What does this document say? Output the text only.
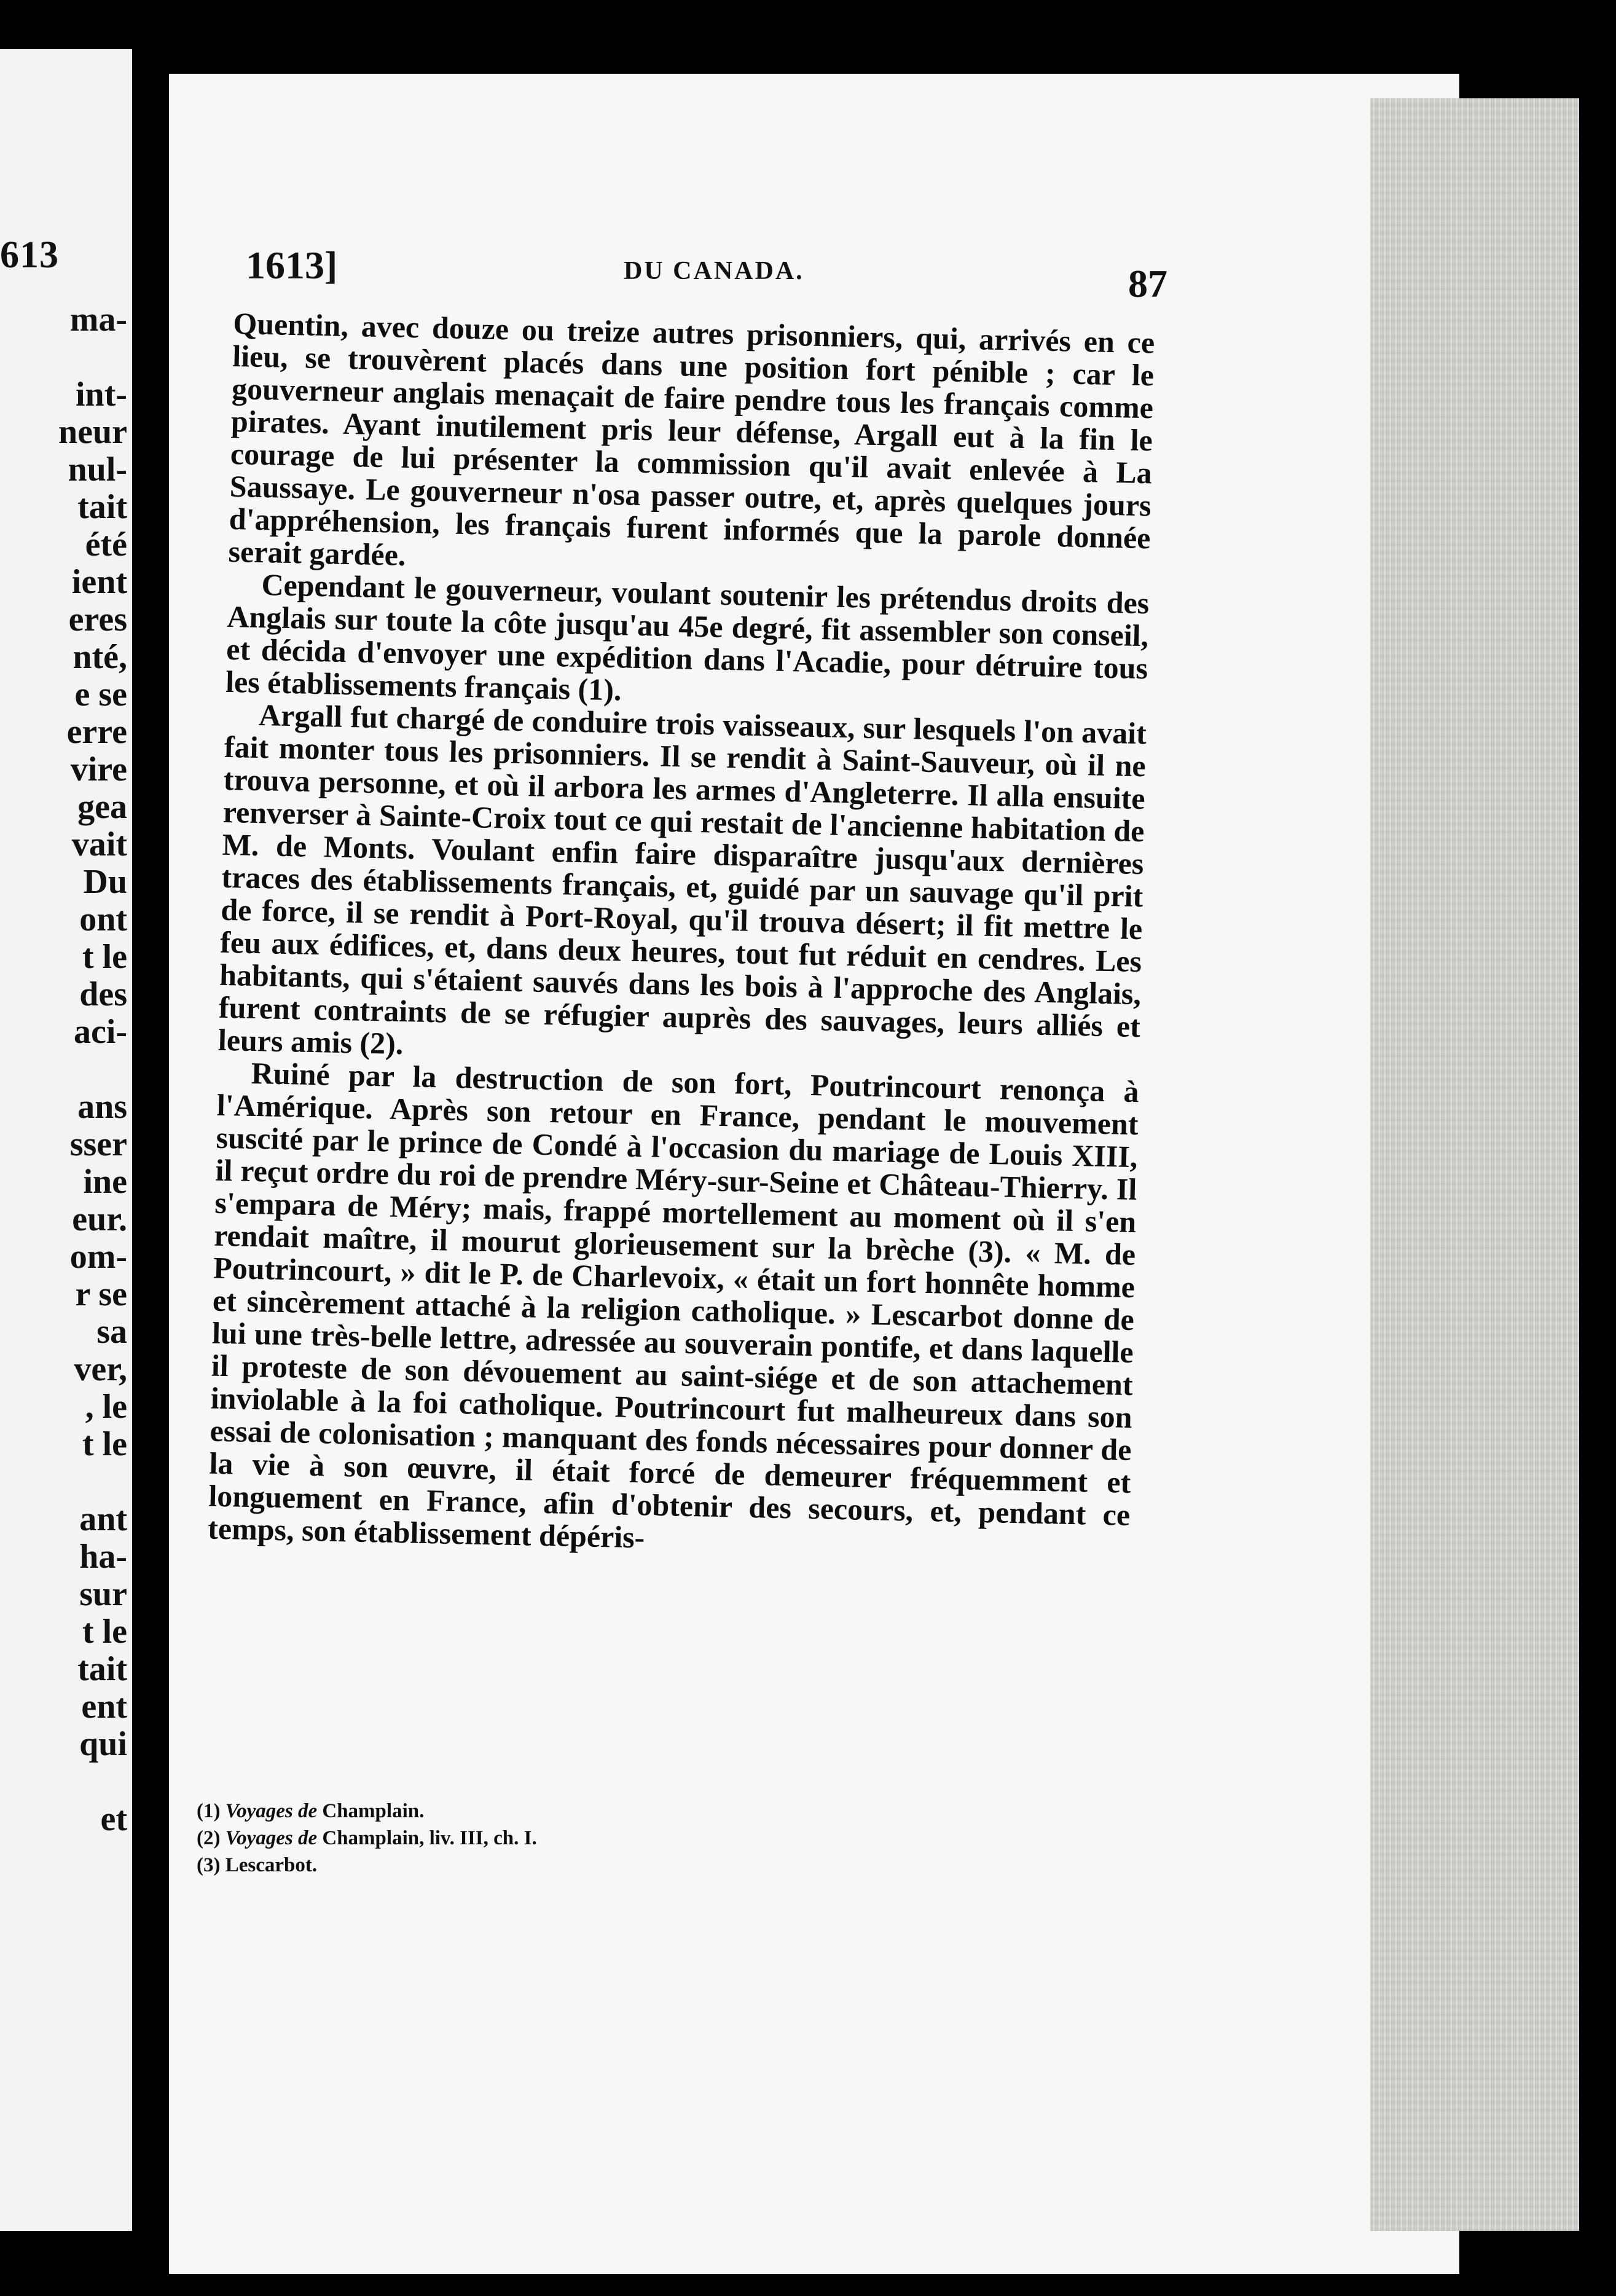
613
ma-
int-
neur
nul-
tait
été
ient
eres
nté,
e se
erre
vire
gea
vait
Du
ont
t le
des
aci-
ans
sser
ine
eur.
om-
r se
sa
ver,
, le
t le
ant
ha-
sur
t le
tait
ent
qui
et
1613]	DU CANADA.	87

Quentin, avec douze ou treize autres prisonniers, qui, arrivés en ce lieu, se trouvèrent placés dans une position fort pénible ; car le gouverneur anglais menaçait de faire pendre tous les français comme pirates. Ayant inutilement pris leur défense, Argall eut à la fin le courage de lui présenter la commission qu'il avait enlevée à La Saussaye. Le gouverneur n'osa passer outre, et, après quelques jours d'appréhension, les français furent informés que la parole donnée serait gardée.

Cependant le gouverneur, voulant soutenir les prétendus droits des Anglais sur toute la côte jusqu'au 45e degré, fit assembler son conseil, et décida d'envoyer une expédition dans l'Acadie, pour détruire tous les établissements français (1).

Argall fut chargé de conduire trois vaisseaux, sur lesquels l'on avait fait monter tous les prisonniers. Il se rendit à Saint-Sauveur, où il ne trouva personne, et où il arbora les armes d'Angleterre. Il alla ensuite renverser à Sainte-Croix tout ce qui restait de l'ancienne habitation de M. de Monts. Voulant enfin faire disparaître jusqu'aux dernières traces des établissements français, et, guidé par un sauvage qu'il prit de force, il se rendit à Port-Royal, qu'il trouva désert; il fit mettre le feu aux édifices, et, dans deux heures, tout fut réduit en cendres. Les habitants, qui s'étaient sauvés dans les bois à l'approche des Anglais, furent contraints de se réfugier auprès des sauvages, leurs alliés et leurs amis (2).

Ruiné par la destruction de son fort, Poutrincourt renonça à l'Amérique. Après son retour en France, pendant le mouvement suscité par le prince de Condé à l'occasion du mariage de Louis XIII, il reçut ordre du roi de prendre Méry-sur-Seine et Château-Thierry. Il s'empara de Méry; mais, frappé mortellement au moment où il s'en rendait maître, il mourut glorieusement sur la brèche (3). « M. de Poutrincourt, » dit le P. de Charlevoix, « était un fort honnête homme et sincèrement attaché à la religion catholique. » Lescarbot donne de lui une très-belle lettre, adressée au souverain pontife, et dans laquelle il proteste de son dévouement au saint-siége et de son attachement inviolable à la foi catholique. Poutrincourt fut malheureux dans son essai de colonisation ; manquant des fonds nécessaires pour donner de la vie à son œuvre, il était forcé de demeurer fréquemment et longuement en France, afin d'obtenir des secours, et, pendant ce temps, son établissement dépéris-

(1) Voyages de Champlain.
(2) Voyages de Champlain, liv. III, ch. I.
(3) Lescarbot.
